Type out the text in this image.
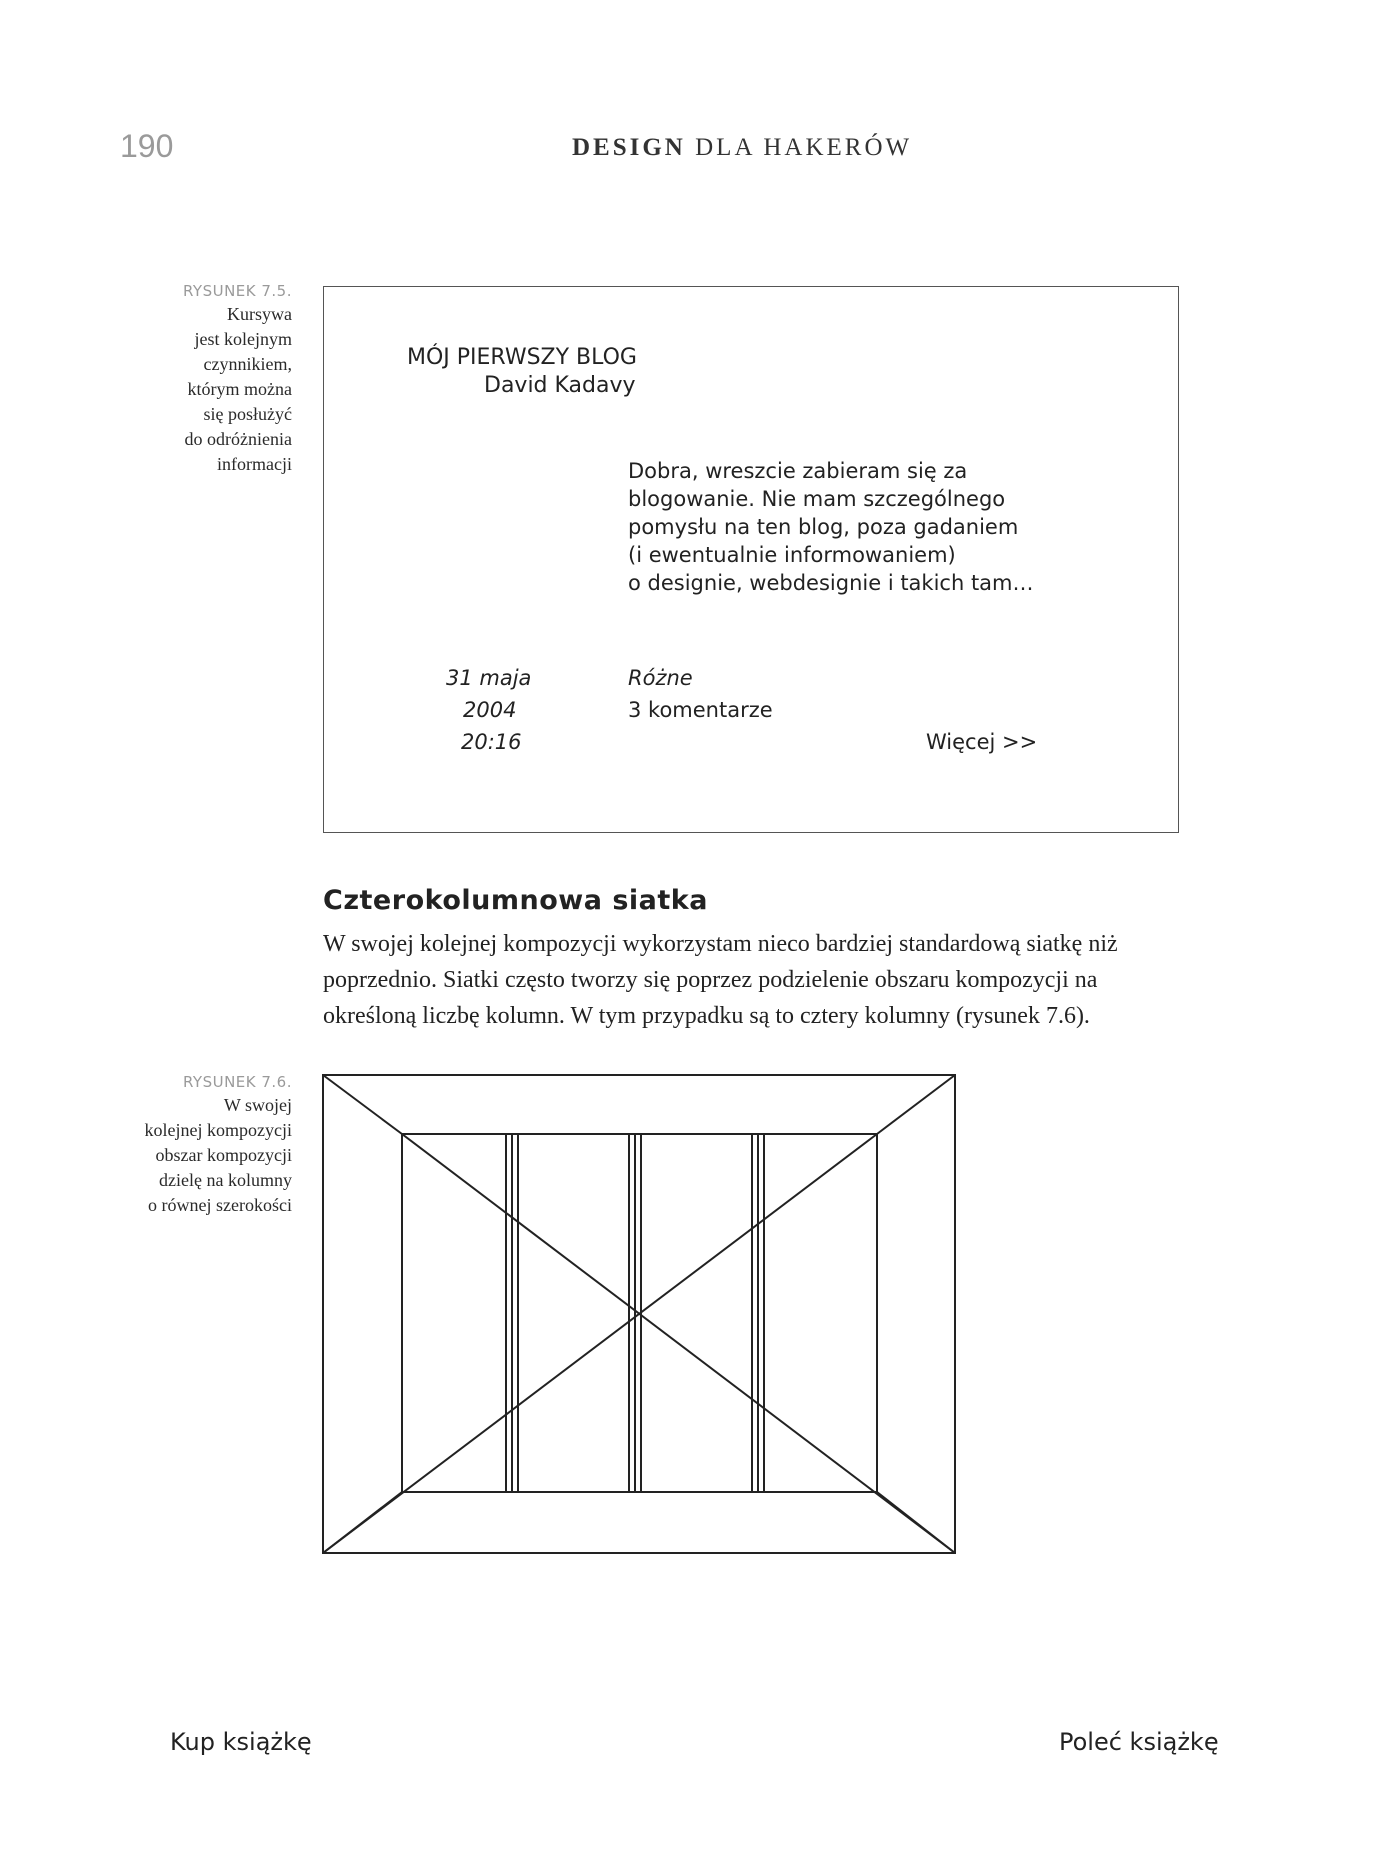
190	DESIGN DLA HAKERÓW
RYSUNEK 7.5.
Kursywa
jest kolejnym
czynnikiem,
którym można
się posłużyć
do odróżnienia
informacji
MÓJ PIERWSZY BLOG
David Kadavy
Dobra, wreszcie zabieram się za
blogowanie. Nie mam szczególnego
pomysłu na ten blog, poza gadaniem
(i ewentualnie informowaniem)
o designie, webdesignie i takich tam…
31 maja
2004
20:16
Różne
3 komentarze
Więcej >>
Czterokolumnowa siatka
W swojej kolejnej kompozycji wykorzystam nieco bardziej standardową siatkę niż
poprzednio. Siatki często tworzy się poprzez podzielenie obszaru kompozycji na
określoną liczbę kolumn. W tym przypadku są to cztery kolumny (rysunek 7.6).
RYSUNEK 7.6.
W swojej
kolejnej kompozycji
obszar kompozycji
dzielę na kolumny
o równej szerokości
Kup książkę	Poleć książkę
